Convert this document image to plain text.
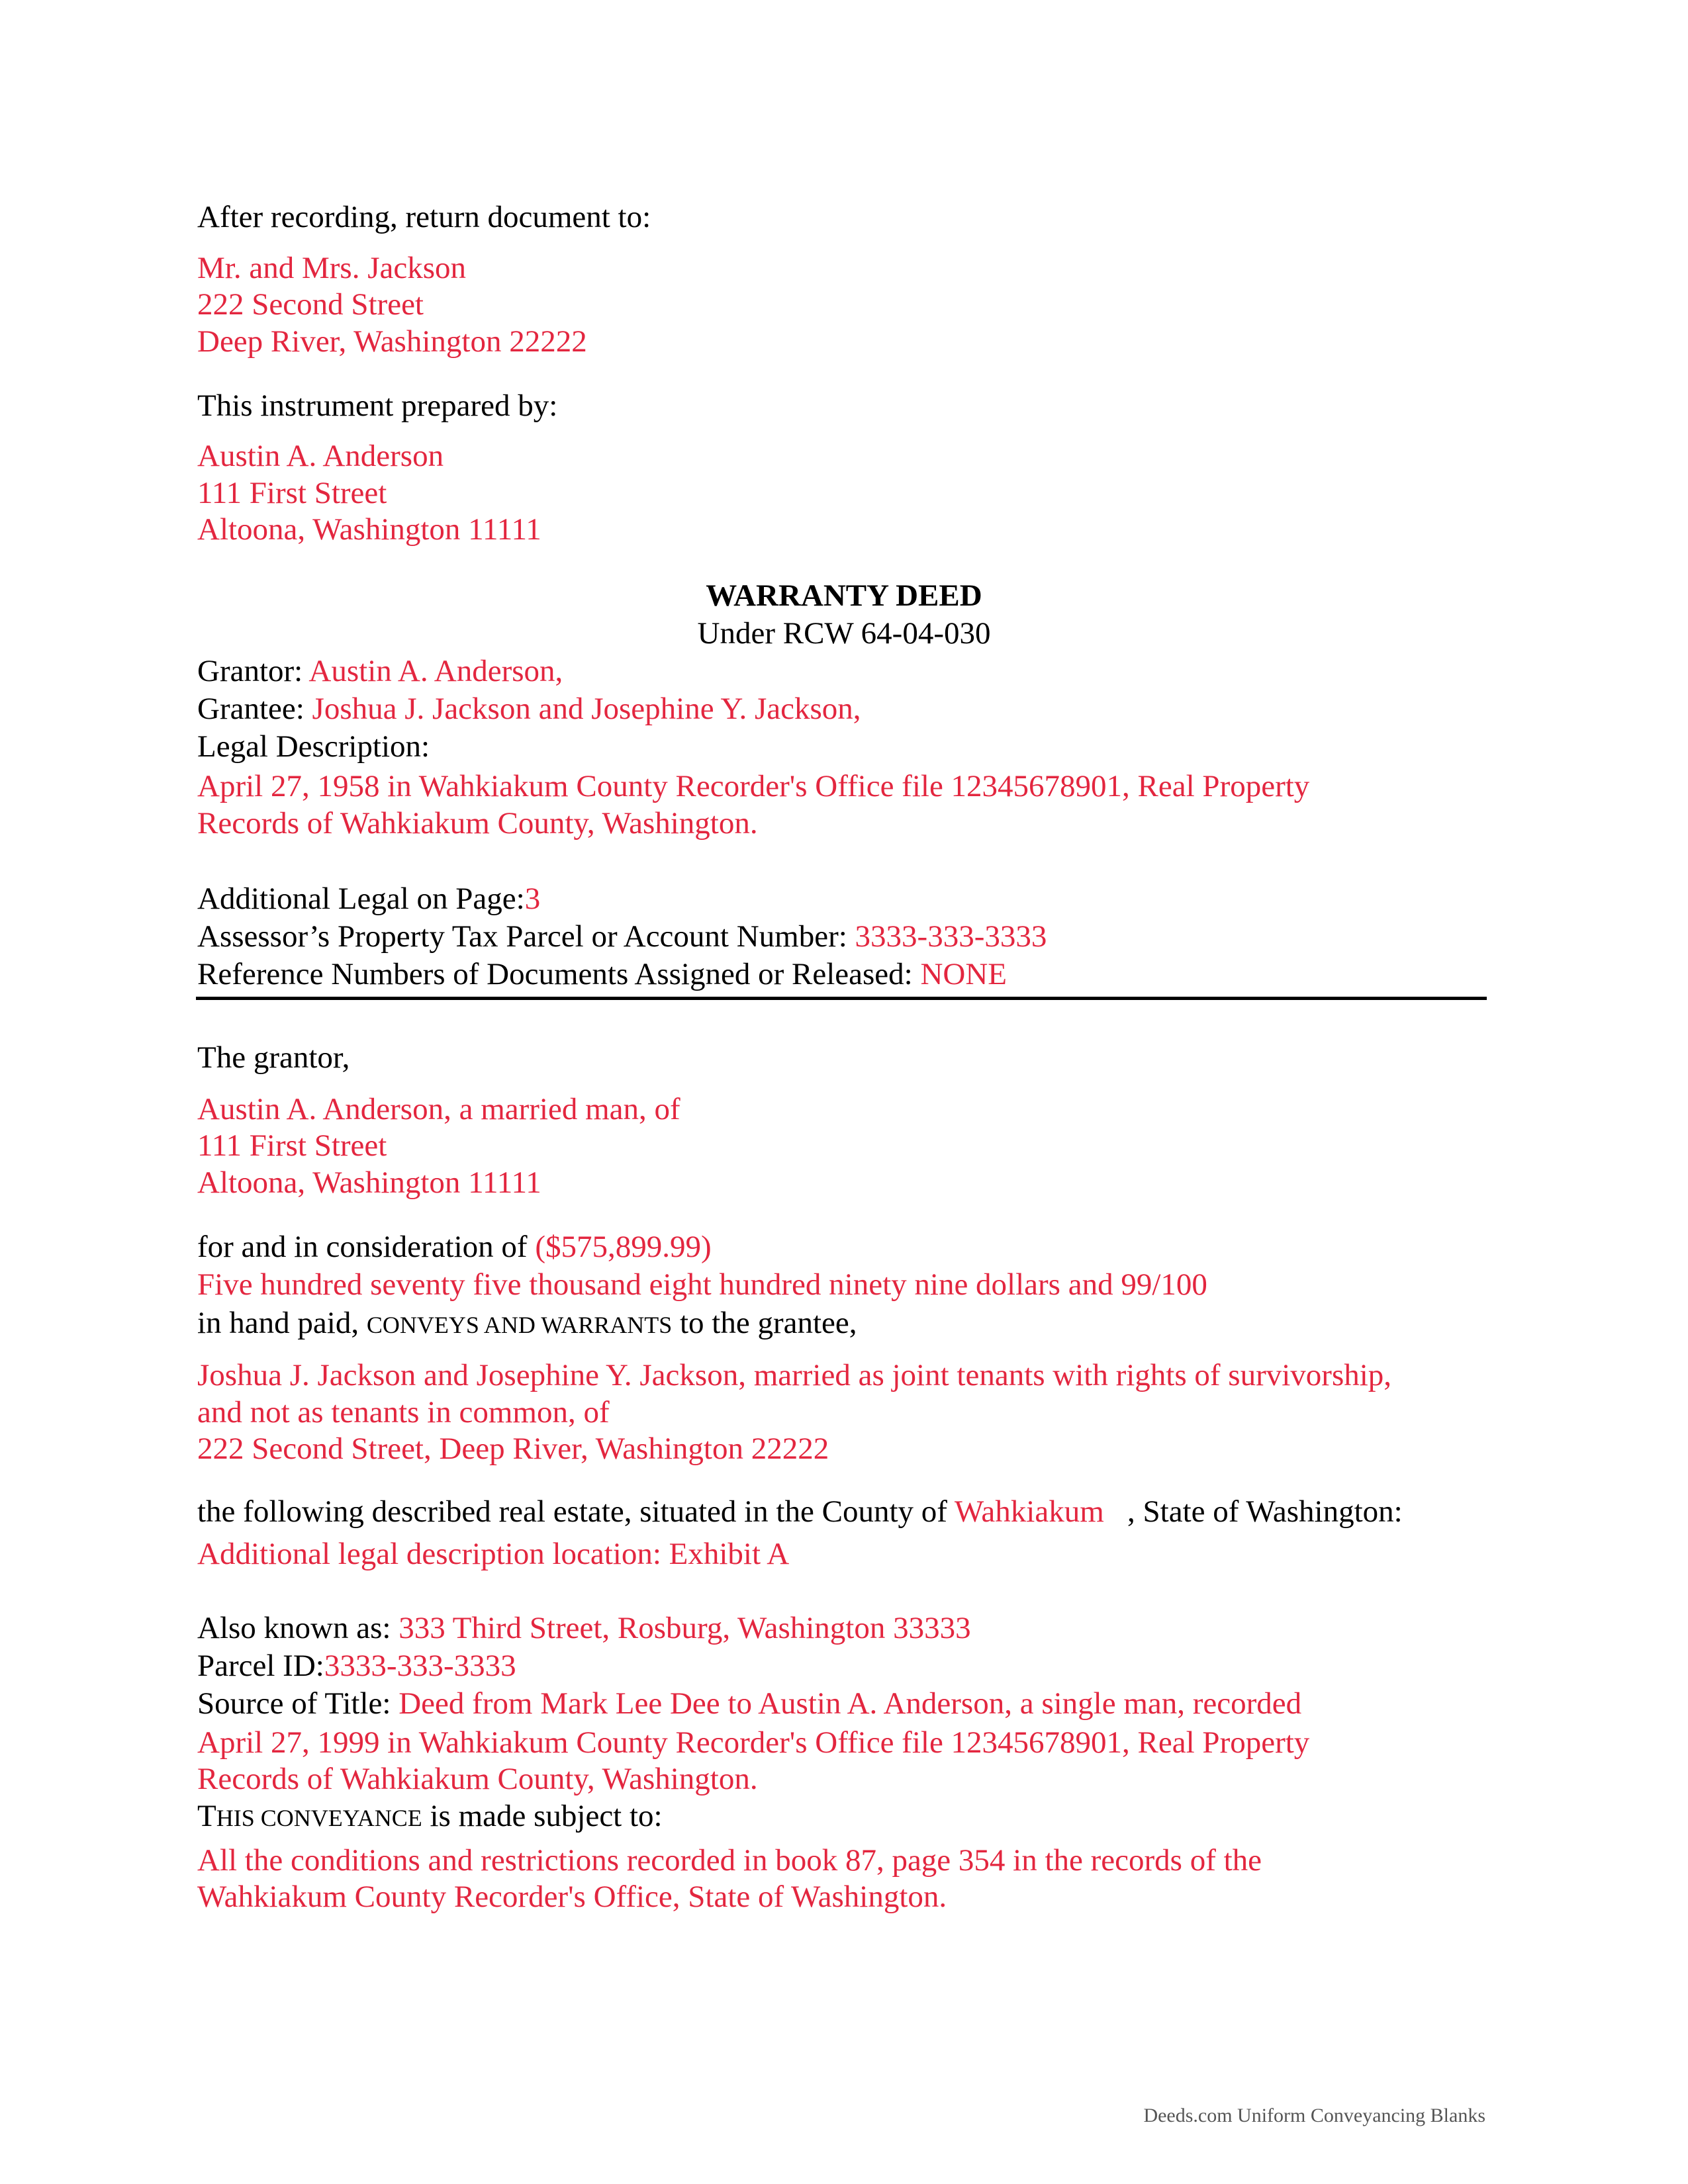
After recording, return document to:
Mr. and Mrs. Jackson
222 Second Street
Deep River, Washington 22222
This instrument prepared by:
Austin A. Anderson
111 First Street
Altoona, Washington 11111
WARRANTY DEED
Under RCW 64-04-030
Grantor: Austin A. Anderson,
Grantee: Joshua J. Jackson and Josephine Y. Jackson,
Legal Description:
April 27, 1958 in Wahkiakum County Recorder's Office file 12345678901, Real Property
Records of Wahkiakum County, Washington.
Additional Legal on Page:3
Assessor’s Property Tax Parcel or Account Number: 3333-333-3333
Reference Numbers of Documents Assigned or Released: NONE
The grantor,
Austin A. Anderson, a married man, of
111 First Street
Altoona, Washington 11111
for and in consideration of ($575,899.99)
Five hundred seventy five thousand eight hundred ninety nine dollars and 99/100
in hand paid, CONVEYS AND WARRANTS to the grantee,
Joshua J. Jackson and Josephine Y. Jackson, married as joint tenants with rights of survivorship,
and not as tenants in common, of
222 Second Street, Deep River, Washington 22222
the following described real estate, situated in the County of Wahkiakum , State of Washington:
Additional legal description location: Exhibit A
Also known as: 333 Third Street, Rosburg, Washington 33333
Parcel ID:3333-333-3333
Source of Title: Deed from Mark Lee Dee to Austin A. Anderson, a single man, recorded
April 27, 1999 in Wahkiakum County Recorder's Office file 12345678901, Real Property
Records of Wahkiakum County, Washington.
THIS CONVEYANCE is made subject to:
All the conditions and restrictions recorded in book 87, page 354 in the records of the
Wahkiakum County Recorder's Office, State of Washington.
Deeds.com Uniform Conveyancing Blanks
